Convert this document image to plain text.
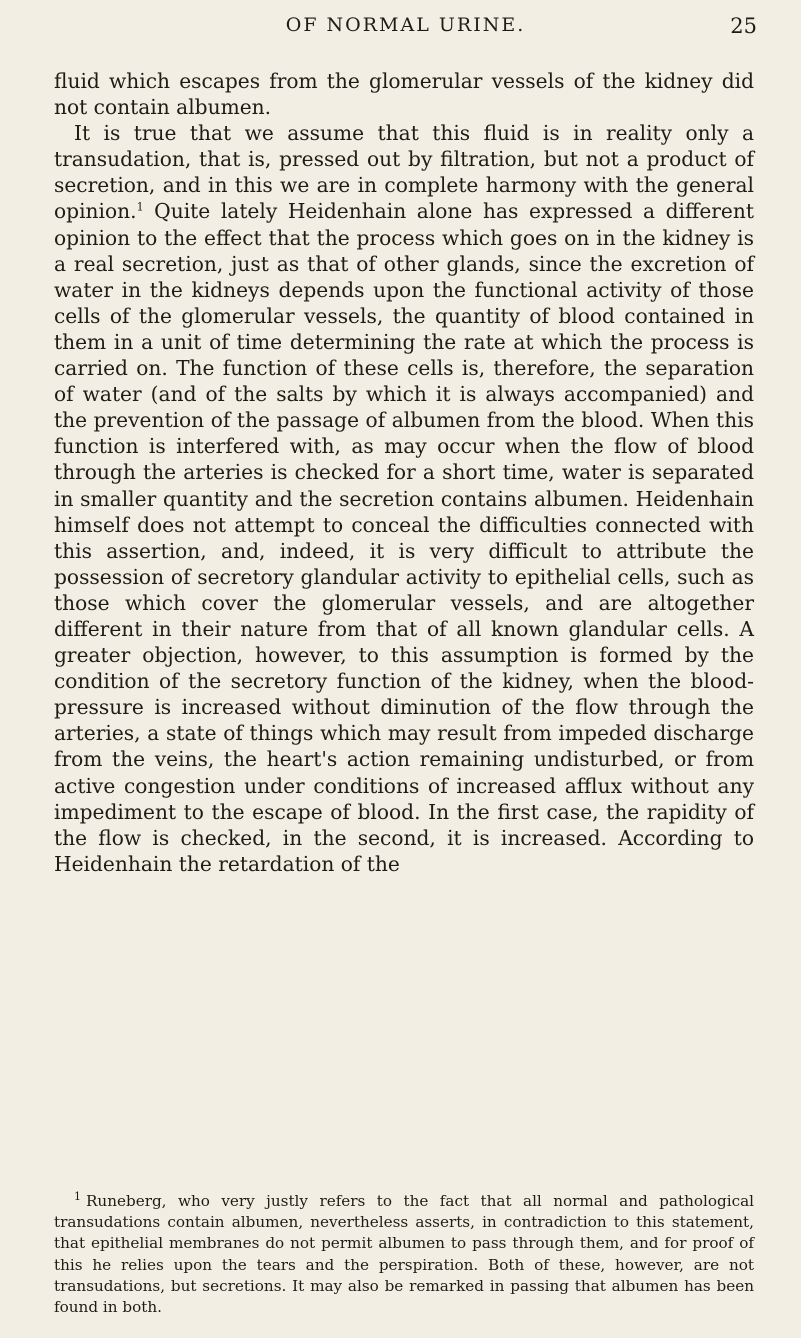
OF NORMAL URINE.	25

fluid which escapes from the glomerular vessels of the kidney did not contain albumen.

It is true that we assume that this fluid is in reality only a transudation, that is, pressed out by filtration, but not a product of secretion, and in this we are in complete harmony with the general opinion.$^1$ Quite lately Heidenhain alone has expressed a different opinion to the effect that the process which goes on in the kidney is a real secretion, just as that of other glands, since the excretion of water in the kidneys depends upon the functional activity of those cells of the glomerular vessels, the quantity of blood contained in them in a unit of time determining the rate at which the process is carried on. The function of these cells is, therefore, the separation of water (and of the salts by which it is always accompanied) and the prevention of the passage of albumen from the blood. When this function is interfered with, as may occur when the flow of blood through the arteries is checked for a short time, water is separated in smaller quantity and the secretion contains albumen. Heidenhain himself does not attempt to conceal the difficulties connected with this assertion, and, indeed, it is very difficult to attribute the possession of secretory glandular activity to epithelial cells, such as those which cover the glomerular vessels, and are altogether different in their nature from that of all known glandular cells. A greater objection, however, to this assumption is formed by the condition of the secretory function of the kidney, when the blood-pressure is increased without diminution of the flow through the arteries, a state of things which may result from impeded discharge from the veins, the heart's action remaining undisturbed, or from active congestion under conditions of increased afflux without any impediment to the escape of blood. In the first case, the rapidity of the flow is checked, in the second, it is increased. According to Heidenhain the retardation of the

$^1$ Runeberg, who very justly refers to the fact that all normal and pathological transudations contain albumen, nevertheless asserts, in contradiction to this statement, that epithelial membranes do not permit albumen to pass through them, and for proof of this he relies upon the tears and the perspiration. Both of these, however, are not transudations, but secretions. It may also be remarked in passing that albumen has been found in both.
